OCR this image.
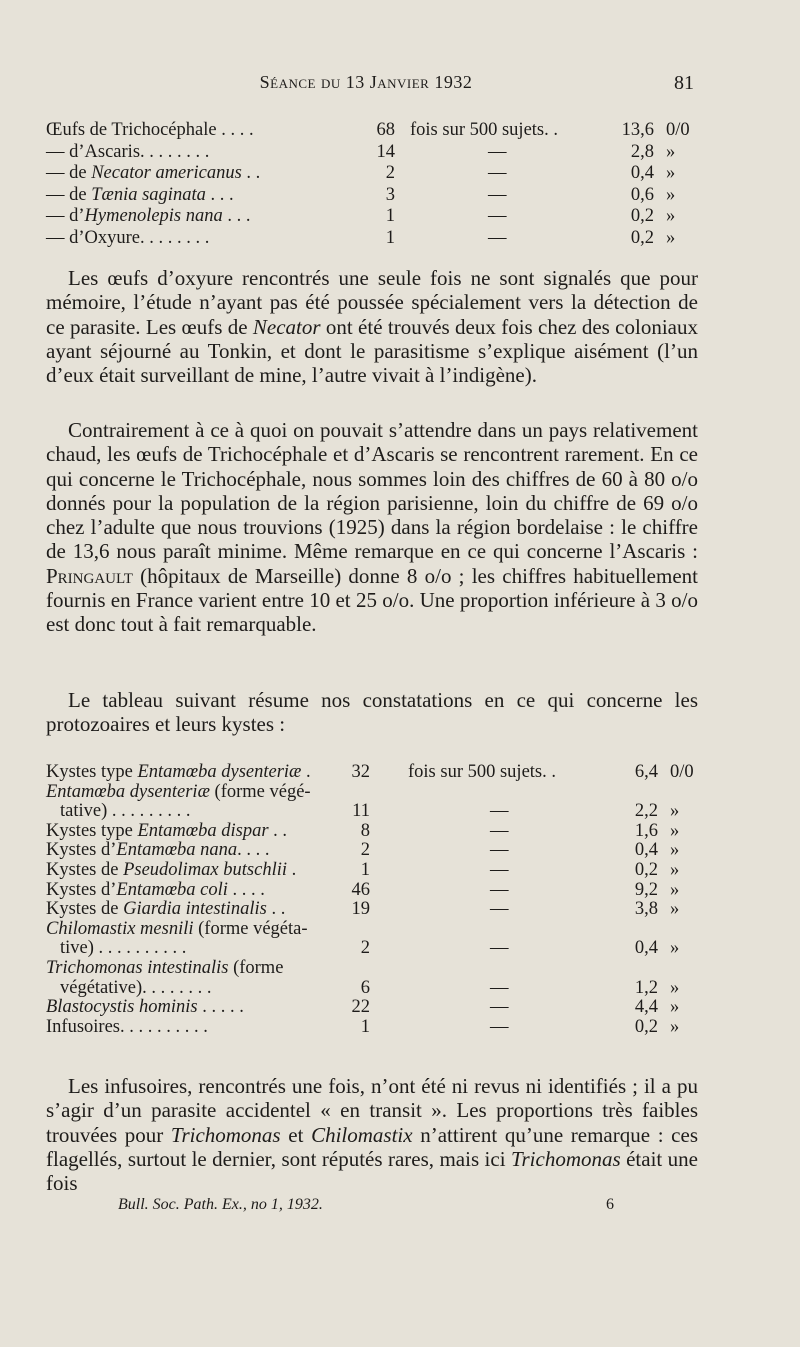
Séance du 13 Janvier 1932	81
Œufs de Trichocéphale . . . .	68 fois sur 500 sujets. .	13,6 0/0
— d’Ascaris. . . . . . . .	14	—	2,8 »
— de Necator americanus . .	2	—	0,4 »
— de Tænia saginata . . .	3	—	0,6 »
— d’Hymenolepis nana . . .	1	—	0,2 »
— d’Oxyure. . . . . . . .	1	—	0,2 »

Les œufs d’oxyure rencontrés une seule fois ne sont signalés que pour mémoire, l’étude n’ayant pas été poussée spécialement vers la détection de ce parasite. Les œufs de Necator ont été trouvés deux fois chez des coloniaux ayant séjourné au Tonkin, et dont le parasitisme s’explique aisément (l’un d’eux était surveillant de mine, l’autre vivait à l’indigène).

Contrairement à ce à quoi on pouvait s’attendre dans un pays relativement chaud, les œufs de Trichocéphale et d’Ascaris se rencontrent rarement. En ce qui concerne le Trichocéphale, nous sommes loin des chiffres de 60 à 80 o/o donnés pour la population de la région parisienne, loin du chiffre de 69 o/o chez l’adulte que nous trouvions (1925) dans la région bordelaise : le chiffre de 13,6 nous paraît minime. Même remarque en ce qui concerne l’Ascaris : Pringault (hôpitaux de Marseille) donne 8 o/o ; les chiffres habituellement fournis en France varient entre 10 et 25 o/o. Une proportion inférieure à 3 o/o est donc tout à fait remarquable.

Le tableau suivant résume nos constatations en ce qui concerne les protozoaires et leurs kystes :

Kystes type Entamœba dysenteriæ . 32 fois sur 500 sujets. .	6,4 0/0
Entamœba dysenteriæ (forme végé-
tative) . . . . . . . . .	11	—	2,2 »
Kystes type Entamœba dispar . .	8	—	1,6 »
Kystes d’Entamœba nana. . . .	2	—	0,4 »
Kystes de Pseudolimax butschlii .	1	—	0,2 »
Kystes d’Entamœba coli . . . .	46	—	9,2 »
Kystes de Giardia intestinalis . .	19	—	3,8 »
Chilomastix mesnili (forme végéta-
tive) . . . . . . . . . .	2	—	0,4 »
Trichomonas intestinalis (forme
végétative). . . . . . . .	6	—	1,2 »
Blastocystis hominis . . . . .	22	—	4,4 »
Infusoires. . . . . . . . . .	1	—	0,2 »

Les infusoires, rencontrés une fois, n’ont été ni revus ni identifiés ; il a pu s’agir d’un parasite accidentel « en transit ». Les proportions très faibles trouvées pour Trichomonas et Chilomastix n’attirent qu’une remarque : ces flagellés, surtout le dernier, sont réputés rares, mais ici Trichomonas était une fois

Bull. Soc. Path. Ex., no 1, 1932.	6
